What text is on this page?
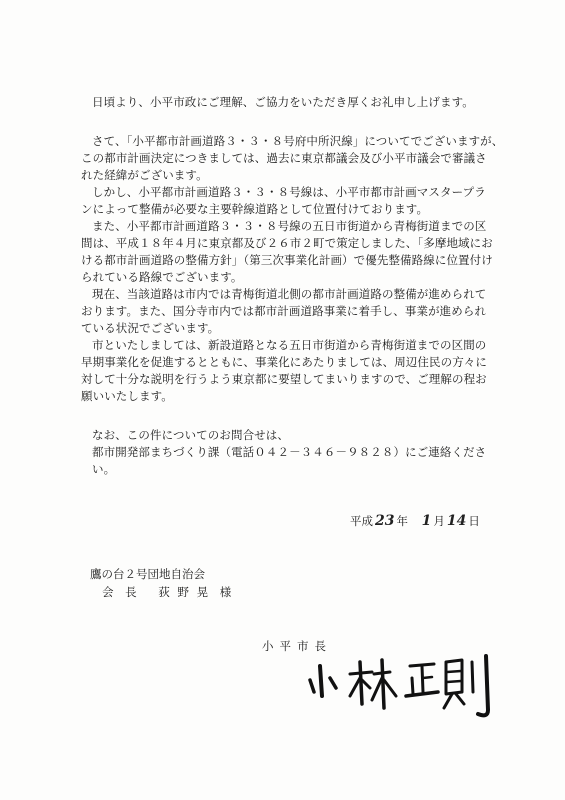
日頃より、小平市政にご理解、ご協力をいただき厚くお礼申し上げます。
さて、「小平都市計画道路３・３・８号府中所沢線」についてでございますが、
この都市計画決定につきましては、過去に東京都議会及び小平市議会で審議さ
れた経緯がございます。
しかし、小平都市計画道路３・３・８号線は、小平市都市計画マスタープラ
ンによって整備が必要な主要幹線道路として位置付けております。
また、小平都市計画道路３・３・８号線の五日市街道から青梅街道までの区
間は、平成１８年４月に東京都及び２６市２町で策定しました、「多摩地域にお
ける都市計画道路の整備方針」（第三次事業化計画）で優先整備路線に位置付け
られている路線でございます。
現在、当該道路は市内では青梅街道北側の都市計画道路の整備が進められて
おります。また、国分寺市内では都市計画道路事業に着手し、事業が進められ
ている状況でございます。
市といたしましては、新設道路となる五日市街道から青梅街道までの区間の
早期事業化を促進するとともに、事業化にあたりましては、周辺住民の方々に
対して十分な説明を行うよう東京都に要望してまいりますので、ご理解の程お
願いいたします。
なお、この件についてのお問合せは、
都市開発部まちづくり課（電話０４２－３４６－９８２８）にご連絡くださ
い。
平成 23 年 1 月 14 日
鷹の台２号団地自治会
会 長 荻 野 晃 様
小平市長
